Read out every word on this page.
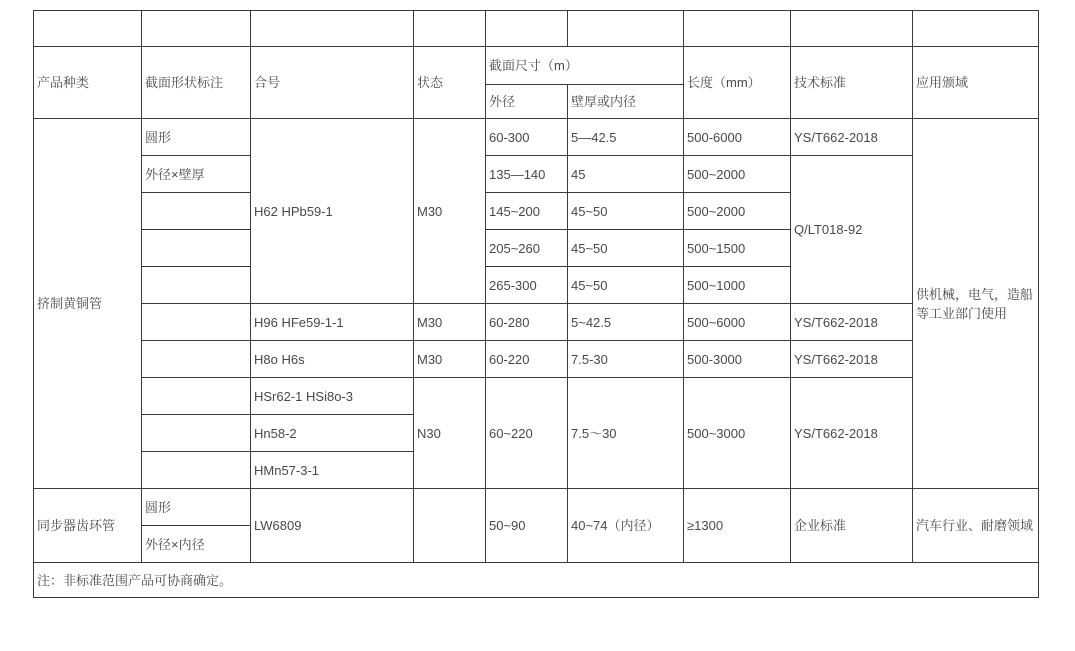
产品种类	截面形状标注	合号	状态	截面尺寸（m）		长度（mm）	技术标准	应用颁域
				外径	壁厚或内径			
挤制黄铜管	圆形	H62 HPb59-1	M30	60-300	5—42.5	500-6000	YS/T662-2018	供机械，电气，造船等工业部门使用
	外径×壁厚			135—140	45	500~2000	Q/LT018-92	
				145~200	45~50	500~2000		
				205~260	45~50	500~1500		
				265-300	45~50	500~1000		
		H96 HFe59-1-1	M30	60-280	5~42.5	500~6000	YS/T662-2018	
		H8o H6s	M30	60-220	7.5-30	500-3000	YS/T662-2018	
		HSr62-1 HSi8o-3	N30	60~220	7.5～30	500~3000	YS/T662-2018	
		Hn58-2						
		HMn57-3-1						
同步器齿环管	圆形	LW6809		50~90	40~74（内径）	≥1300	企业标准	汽车行业、耐磨领域
	外径×内径							
注：非标准范围产品可协商确定。								
